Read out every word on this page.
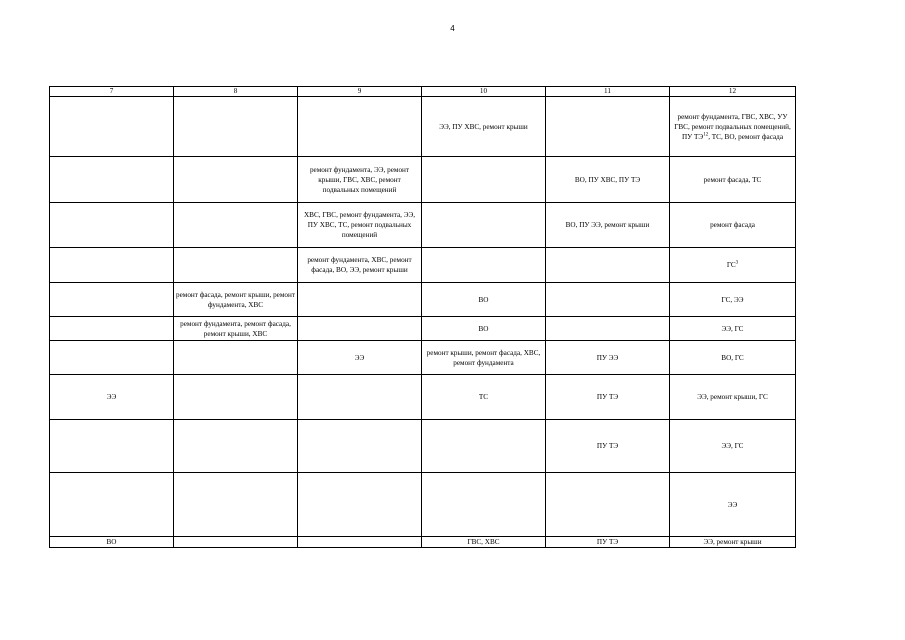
4
7	8	9	10	11	12
			ЭЭ, ПУ ХВС, ремонт крыши		ремонт фундамента, ГВС, ХВС, УУ ГВС, ремонт подвальных помещений, ПУ ТЭ$^{12}$, ТС, ВО, ремонт фасада
		ремонт фундамента, ЭЭ, ремонт крыши, ГВС, ХВС, ремонт подвальных помещений		ВО, ПУ ХВС, ПУ ТЭ	ремонт фасада, ТС
		ХВС, ГВС, ремонт фундамента, ЭЭ, ПУ ХВС, ТС, ремонт подвальных помещений		ВО, ПУ ЭЭ, ремонт крыши	ремонт фасада
		ремонт фундамента, ХВС, ремонт фасада, ВО, ЭЭ, ремонт крыши			$ГС^3$
	ремонт фасада, ремонт крыши, ремонт фундамента, ХВС		ВО		ГС, ЭЭ
	ремонт фундамента, ремонт фасада, ремонт крыши, ХВС		ВО		ЭЭ, ГС
		ЭЭ	ремонт крыши, ремонт фасада, ХВС, ремонт фундамента	ПУ ЭЭ	ВО, ГС
ЭЭ			ТС	ПУ ТЭ	ЭЭ, ремонт крыши, ГС
				ПУ ТЭ	ЭЭ, ГС
					ЭЭ
ВО			ГВС, ХВС	ПУ ТЭ	ЭЭ, ремонт крыши
